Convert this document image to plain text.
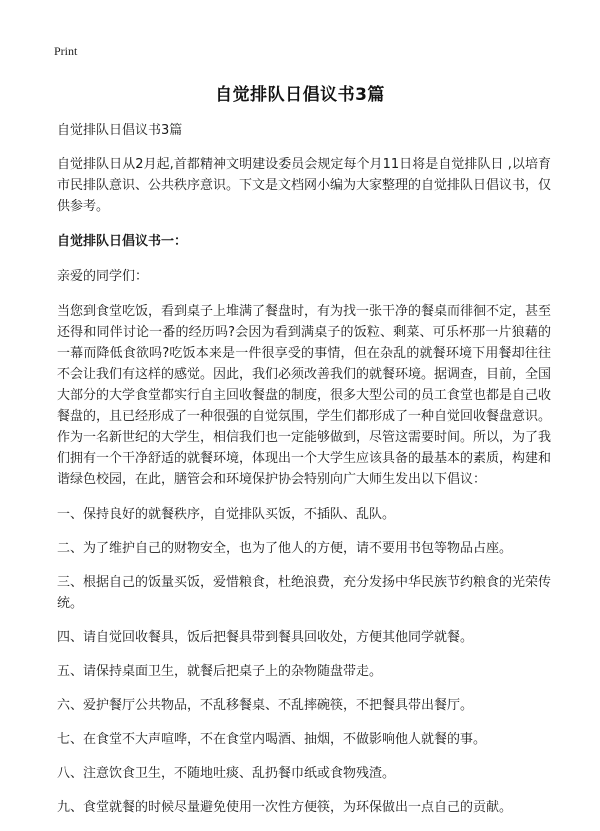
Print
自觉排队日倡议书3篇

自觉排队日倡议书3篇

自觉排队日从2月起,首都精神文明建设委员会规定每个月11日将是自觉排队日 ,以培育市民排队意识、公共秩序意识。下文是文档网小编为大家整理的自觉排队日倡议书，仅供参考。

自觉排队日倡议书一：

亲爱的同学们：

当您到食堂吃饭，看到桌子上堆满了餐盘时，有为找一张干净的餐桌而徘徊不定，甚至还得和同伴讨论一番的经历吗?会因为看到满桌子的饭粒、剩菜、可乐杯那一片狼藉的一幕而降低食欲吗?吃饭本来是一件很享受的事情，但在杂乱的就餐环境下用餐却往往不会让我们有这样的感觉。因此，我们必须改善我们的就餐环境。据调查，目前，全国大部分的大学食堂都实行自主回收餐盘的制度，很多大型公司的员工食堂也都是自己收餐盘的，且已经形成了一种很强的自觉氛围，学生们都形成了一种自觉回收餐盘意识。作为一名新世纪的大学生，相信我们也一定能够做到，尽管这需要时间。所以，为了我们拥有一个干净舒适的就餐环境，体现出一个大学生应该具备的最基本的素质，构建和谐绿色校园，在此，膳管会和环境保护协会特别向广大师生发出以下倡议：

一、保持良好的就餐秩序，自觉排队买饭，不插队、乱队。

二、为了维护自己的财物安全，也为了他人的方便，请不要用书包等物品占座。

三、根据自己的饭量买饭，爱惜粮食，杜绝浪费，充分发扬中华民族节约粮食的光荣传统。

四、请自觉回收餐具，饭后把餐具带到餐具回收处，方便其他同学就餐。

五、请保持桌面卫生，就餐后把桌子上的杂物随盘带走。

六、爱护餐厅公共物品，不乱移餐桌、不乱摔碗筷，不把餐具带出餐厅。

七、在食堂不大声喧哗，不在食堂内喝酒、抽烟，不做影响他人就餐的事。

八、注意饮食卫生，不随地吐痰、乱扔餐巾纸或食物残渣。

九、食堂就餐的时候尽量避免使用一次性方便筷，为环保做出一点自己的贡献。
